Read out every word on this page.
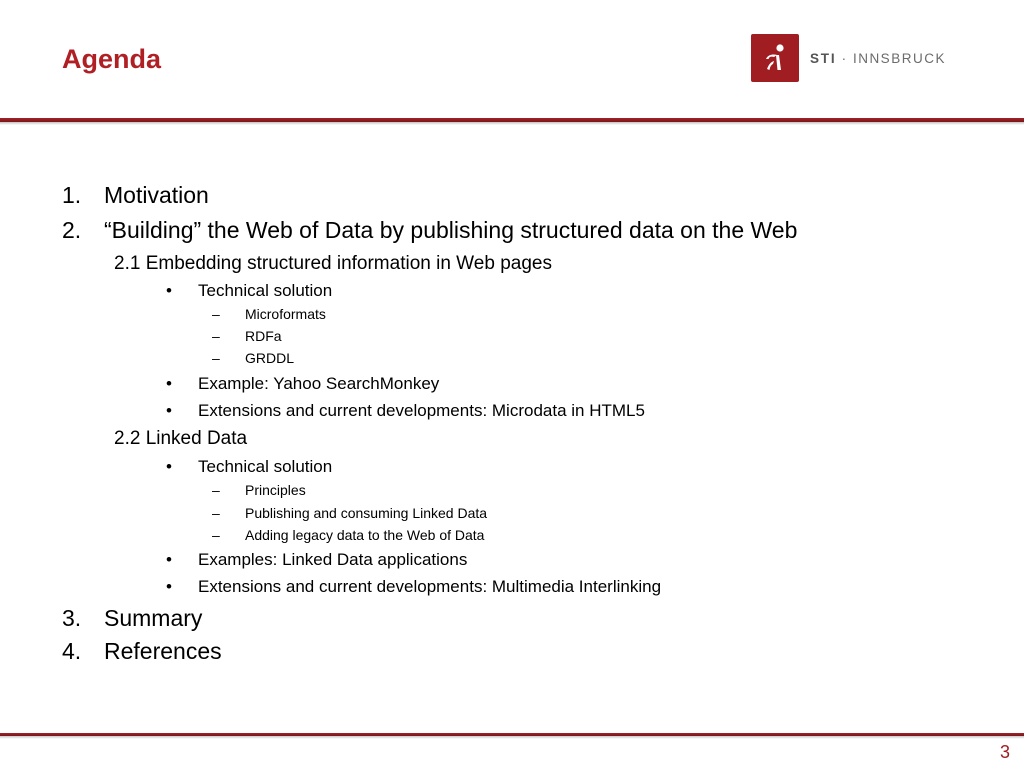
Agenda	STI · INNSBRUCK
1. Motivation
2. “Building” the Web of Data by publishing structured data on the Web
2.1 Embedding structured information in Web pages
• Technical solution
– Microformats
– RDFa
– GRDDL
• Example: Yahoo SearchMonkey
• Extensions and current developments: Microdata in HTML5
2.2 Linked Data
• Technical solution
– Principles
– Publishing and consuming Linked Data
– Adding legacy data to the Web of Data
• Examples: Linked Data applications
• Extensions and current developments: Multimedia Interlinking
3. Summary
4. References
3
